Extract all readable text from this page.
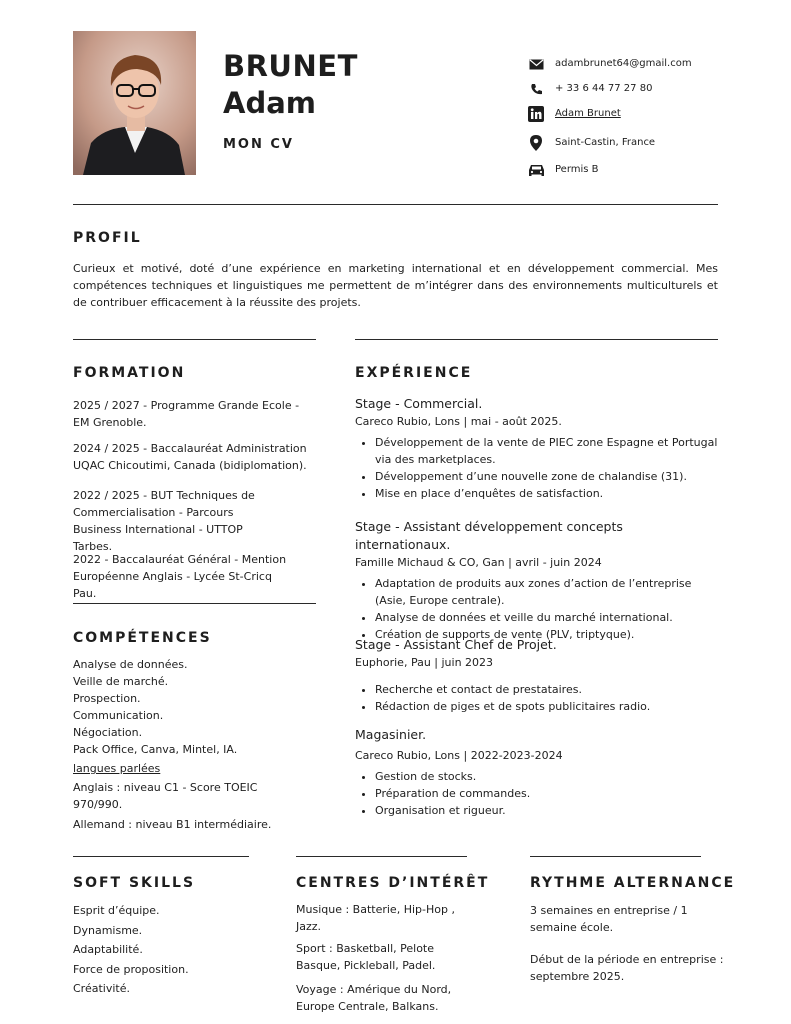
BRUNET
Adam
MON CV
adambrunet64@gmail.com
+ 33 6 44 77 27 80
Adam Brunet
Saint-Castin, France
Permis B
PROFIL
Curieux et motivé, doté d’une expérience en marketing international et en développement commercial. Mes compétences techniques et linguistiques me permettent de m’intégrer dans des environnements multiculturels et de contribuer efficacement à la réussite des projets.
FORMATION
2025 / 2027 - Programme Grande Ecole - EM Grenoble.
2024 / 2025 - Baccalauréat Administration UQAC Chicoutimi, Canada (bidiplomation).
2022 / 2025 - BUT Techniques de Commercialisation - Parcours Business International - UTTOP Tarbes.
2022 - Baccalauréat Général - Mention Européenne Anglais - Lycée St-Cricq Pau.
COMPÉTENCES
Analyse de données.
Veille de marché.
Prospection.
Communication.
Négociation.
Pack Office, Canva, Mintel, IA.
langues parlées
Anglais : niveau C1 - Score TOEIC 970/990.
Allemand : niveau B1 intermédiaire.
EXPÉRIENCE
Stage - Commercial.
Careco Rubio, Lons | mai - août 2025.
• Développement de la vente de PIEC zone Espagne et Portugal via des marketplaces.
• Développement d’une nouvelle zone de chalandise (31).
• Mise en place d’enquêtes de satisfaction.
Stage - Assistant développement concepts internationaux.
Famille Michaud & CO, Gan | avril - juin 2024
• Adaptation de produits aux zones d’action de l’entreprise (Asie, Europe centrale).
• Analyse de données et veille du marché international.
• Création de supports de vente (PLV, triptyque).
Stage - Assistant Chef de Projet.
Euphorie, Pau | juin 2023
• Recherche et contact de prestataires.
• Rédaction de piges et de spots publicitaires radio.
Magasinier.
Careco Rubio, Lons | 2022-2023-2024
• Gestion de stocks.
• Préparation de commandes.
• Organisation et rigueur.
SOFT SKILLS
Esprit d’équipe.
Dynamisme.
Adaptabilité.
Force de proposition.
Créativité.
CENTRES D’INTÉRÊT
Musique : Batterie, Hip-Hop , Jazz.
Sport : Basketball, Pelote Basque, Pickleball, Padel.
Voyage : Amérique du Nord, Europe Centrale, Balkans.
RYTHME ALTERNANCE
3 semaines en entreprise / 1 semaine école.
Début de la période en entreprise : septembre 2025.
